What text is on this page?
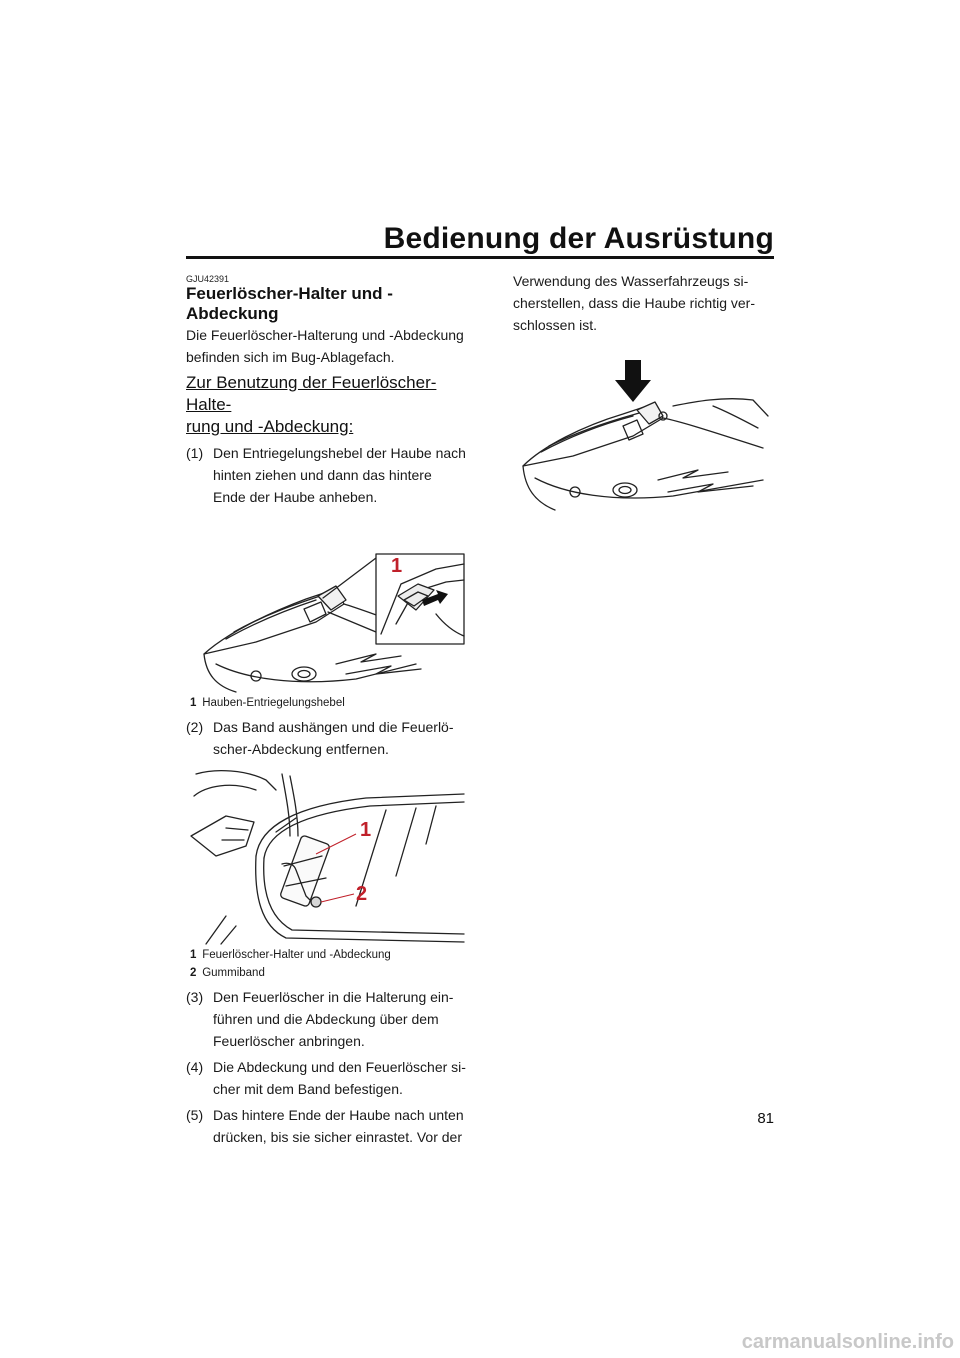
Bedienung der Ausrüstung
GJU42391
Feuerlöscher-Halter und -Abdeckung

Die Feuerlöscher-Halterung und -Abdeckung befinden sich im Bug-Ablagefach.

Zur Benutzung der Feuerlöscher-Halte-
rung und -Abdeckung:
(1) Den Entriegelungshebel der Haube nach hinten ziehen und dann das hintere Ende der Haube anheben.
1
1 Hauben-Entriegelungshebel
(2) Das Band aushängen und die Feuerlö-scher-Abdeckung entfernen.
1
2
1 Feuerlöscher-Halter und -Abdeckung
2 Gummiband
(3) Den Feuerlöscher in die Halterung ein-führen und die Abdeckung über dem Feuerlöscher anbringen.
(4) Die Abdeckung und den Feuerlöscher si-cher mit dem Band befestigen.
(5) Das hintere Ende der Haube nach unten drücken, bis sie sicher einrastet. Vor der

Verwendung des Wasserfahrzeugs si-cherstellen, dass die Haube richtig ver-schlossen ist.

81
carmanualsonline.info
